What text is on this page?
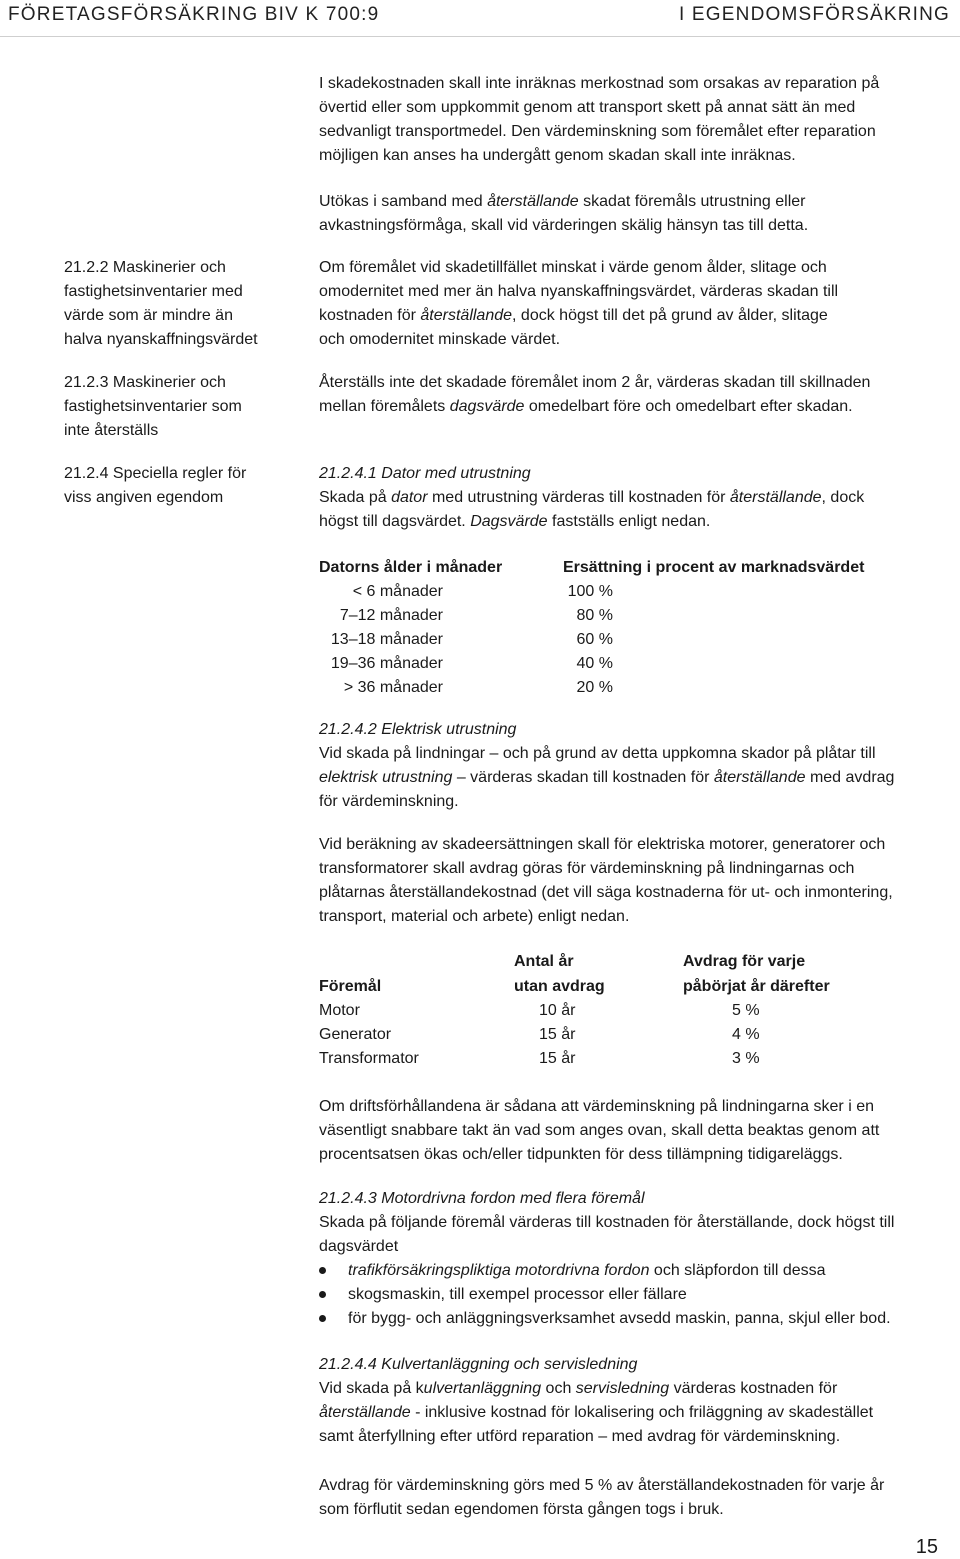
FÖRETAGSFÖRSÄKRING BIV K 700:9	I EGENDOMSFÖRSÄKRING
I skadekostnaden skall inte inräknas merkostnad som orsakas av reparation på
övertid eller som uppkommit genom att transport skett på annat sätt än med
sedvanligt transportmedel. Den värdeminskning som föremålet efter reparation
möjligen kan anses ha undergått genom skadan skall inte inräknas.
Utökas i samband med återställande skadat föremåls utrustning eller
avkastningsförmåga, skall vid värderingen skälig hänsyn tas till detta.
21.2.2 Maskinerier och
fastighetsinventarier med
värde som är mindre än
halva nyanskaffningsvärdet
21.2.3 Maskinerier och
fastighetsinventarier som
inte återställs
21.2.4 Speciella regler för
viss angiven egendom
Om föremålet vid skadetillfället minskat i värde genom ålder, slitage och
omodernitet med mer än halva nyanskaffningsvärdet, värderas skadan till
kostnaden för återställande, dock högst till det på grund av ålder, slitage
och omodernitet minskade värdet.
Återställs inte det skadade föremålet inom 2 år, värderas skadan till skillnaden
mellan föremålets dagsvärde omedelbart före och omedelbart efter skadan.
21.2.4.1 Dator med utrustning
Skada på dator med utrustning värderas till kostnaden för återställande, dock
högst till dagsvärdet. Dagsvärde fastställs enligt nedan.
Datorns ålder i månader	Ersättning i procent av marknadsvärdet
< 6 månader	100 %
7–12 månader	80 %
13–18 månader	60 %
19–36 månader	40 %
> 36 månader	20 %
21.2.4.2 Elektrisk utrustning
Vid skada på lindningar – och på grund av detta uppkomna skador på plåtar till
elektrisk utrustning – värderas skadan till kostnaden för återställande med avdrag
för värdeminskning.
Vid beräkning av skadeersättningen skall för elektriska motorer, generatorer och
transformatorer skall avdrag göras för värdeminskning på lindningarnas och
plåtarnas återställandekostnad (det vill säga kostnaderna för ut- och inmontering,
transport, material och arbete) enligt nedan.
Antal år	Avdrag för varje
Föremål	utan avdrag	påbörjat år därefter
Motor	10 år	5 %
Generator	15 år	4 %
Transformator	15 år	3 %
Om driftsförhållandena är sådana att värdeminskning på lindningarna sker i en
väsentligt snabbare takt än vad som anges ovan, skall detta beaktas genom att
procentsatsen ökas och/eller tidpunkten för dess tillämpning tidigareläggs.
21.2.4.3 Motordrivna fordon med flera föremål
Skada på följande föremål värderas till kostnaden för återställande, dock högst till
dagsvärdet
trafikförsäkringspliktiga motordrivna fordon och släpfordon till dessa
skogsmaskin, till exempel processor eller fällare
för bygg- och anläggningsverksamhet avsedd maskin, panna, skjul eller bod.
21.2.4.4 Kulvertanläggning och servisledning
Vid skada på kulvertanläggning och servisledning värderas kostnaden för
återställande - inklusive kostnad för lokalisering och friläggning av skadestället
samt återfyllning efter utförd reparation – med avdrag för värdeminskning.
Avdrag för värdeminskning görs med 5 % av återställandekostnaden för varje år
som förflutit sedan egendomen första gången togs i bruk.
15
